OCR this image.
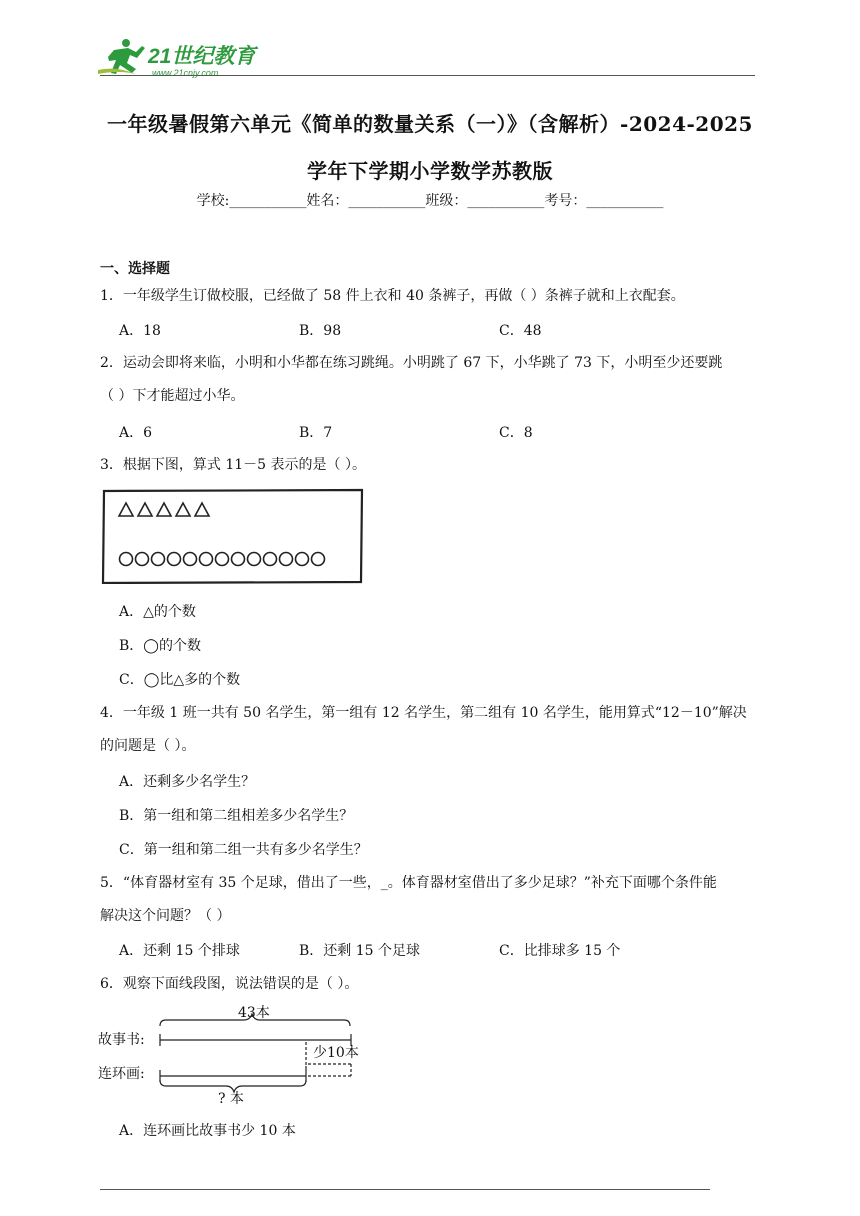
21世纪教育
www.21cnjy.com
一年级暑假第六单元《简单的数量关系（一）》（含解析）-2024-2025
学年下学期小学数学苏教版
学校:___________姓名：___________班级：___________考号：___________
一、选择题
1．一年级学生订做校服，已经做了 58 件上衣和 40 条裤子，再做（ ）条裤子就和上衣配套。
A．18	B．98	C．48
2．运动会即将来临，小明和小华都在练习跳绳。小明跳了 67 下，小华跳了 73 下，小明至少还要跳
（ ）下才能超过小华。
A．6	B．7	C．8
3．根据下图，算式 11－5 表示的是（ ）。
A．△的个数
B．◯的个数
C．◯比△多的个数
4．一年级 1 班一共有 50 名学生，第一组有 12 名学生，第二组有 10 名学生，能用算式“12－10”解决
的问题是（ ）。
A．还剩多少名学生？
B．第一组和第二组相差多少名学生？
C．第一组和第二组一共有多少名学生？
5．“体育器材室有 35 个足球，借出了一些，_。体育器材室借出了多少足球？”补充下面哪个条件能
解决这个问题？（ ）
A．还剩 15 个排球	B．还剩 15 个足球	C．比排球多 15 个
6．观察下面线段图，说法错误的是（ ）。
43本
故事书:
连环画:
少10本
? 本
A．连环画比故事书少 10 本
